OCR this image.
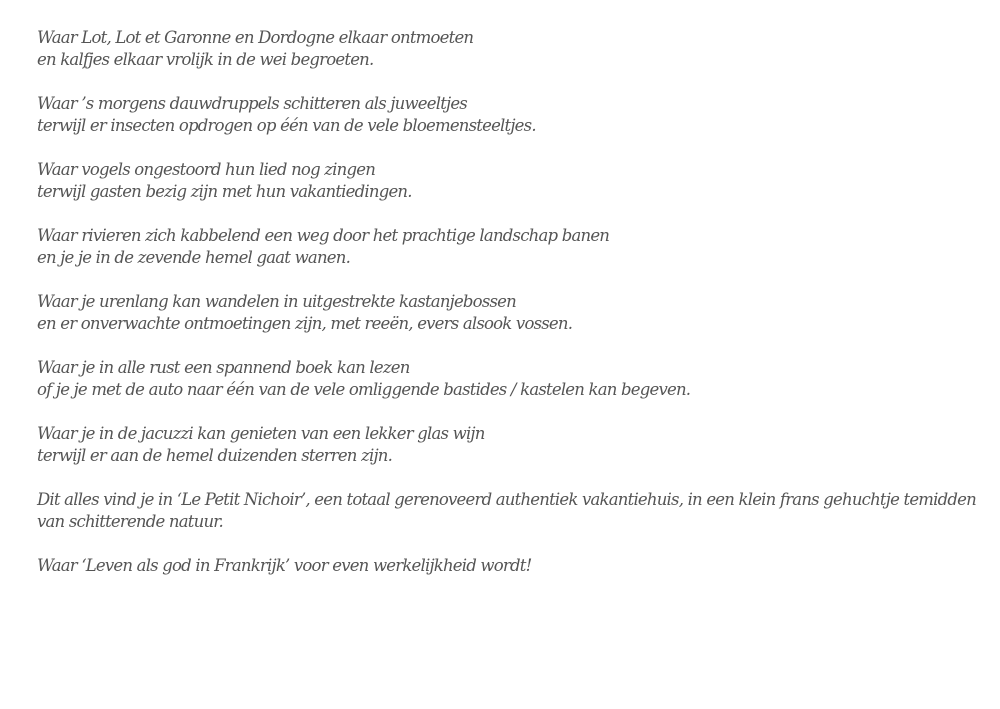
Waar Lot, Lot et Garonne en Dordogne elkaar ontmoeten
en kalfjes elkaar vrolijk in de wei begroeten.
Waar ’s morgens dauwdruppels schitteren als juweeltjes
terwijl er insecten opdrogen op één van de vele bloemensteeltjes.
Waar vogels ongestoord hun lied nog zingen
terwijl gasten bezig zijn met hun vakantiedingen.
Waar rivieren zich kabbelend een weg door het prachtige landschap banen
en je je in de zevende hemel gaat wanen.
Waar je urenlang kan wandelen in uitgestrekte kastanjebossen
en er onverwachte ontmoetingen zijn, met reeën, evers alsook vossen.
Waar je in alle rust een spannend boek kan lezen
of je je met de auto naar één van de vele omliggende bastides / kastelen kan begeven.
Waar je in de jacuzzi kan genieten van een lekker glas wijn
terwijl er aan de hemel duizenden sterren zijn.
Dit alles vind je in ‘Le Petit Nichoir’, een totaal gerenoveerd authentiek vakantiehuis, in een klein frans gehuchtje temidden
van schitterende natuur.
Waar ‘Leven als god in Frankrijk’ voor even werkelijkheid wordt!
